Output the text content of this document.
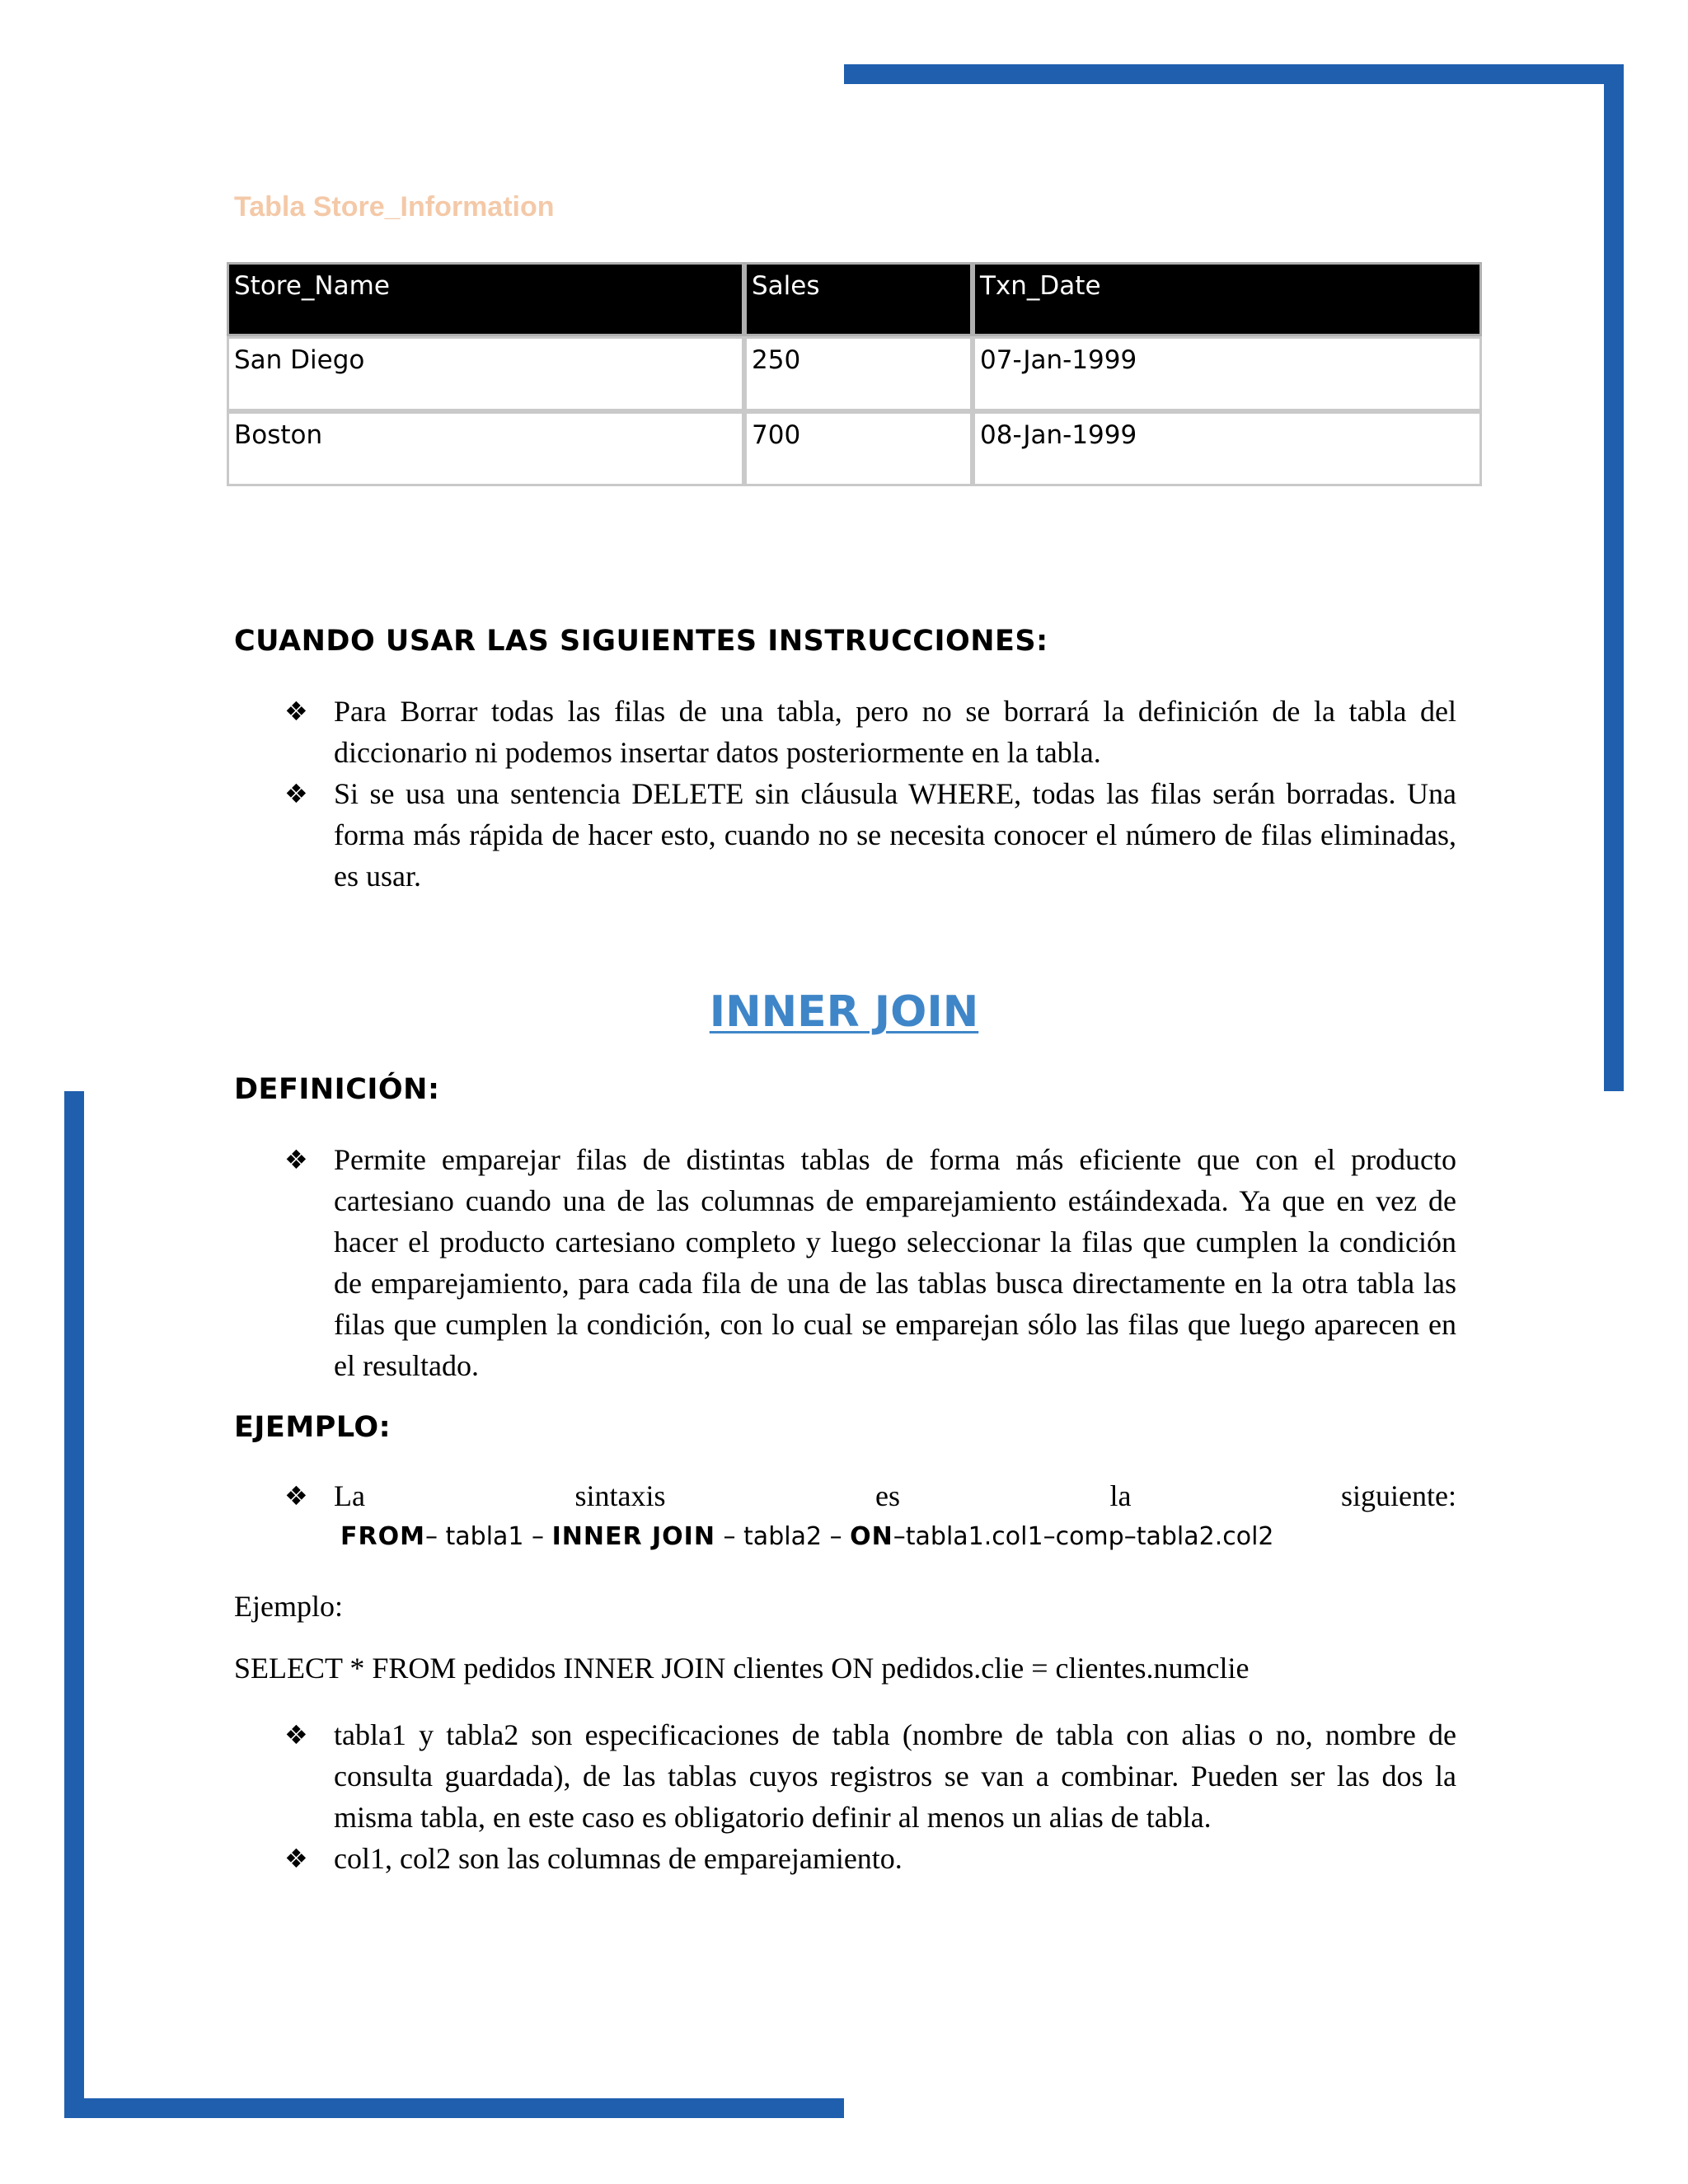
Tabla Store_Information
Store_Name	Sales	Txn_Date
San Diego	250	07-Jan-1999
Boston	700	08-Jan-1999
CUANDO USAR LAS SIGUIENTES INSTRUCCIONES:
❖ Para Borrar todas las filas de una tabla, pero no se borrará la definición de la tabla del diccionario ni podemos insertar datos posteriormente en la tabla.
❖ Si se usa una sentencia DELETE sin cláusula WHERE, todas las filas serán borradas. Una forma más rápida de hacer esto, cuando no se necesita conocer el número de filas eliminadas, es usar.
INNER JOIN
DEFINICIÓN:
❖ Permite emparejar filas de distintas tablas de forma más eficiente que con el producto cartesiano cuando una de las columnas de emparejamiento estáindexada. Ya que en vez de hacer el producto cartesiano completo y luego seleccionar la filas que cumplen la condición de emparejamiento, para cada fila de una de las tablas busca directamente en la otra tabla las filas que cumplen la condición, con lo cual se emparejan sólo las filas que luego aparecen en el resultado.
EJEMPLO:
❖ La	sintaxis	es	la	siguiente:
FROM– tabla1 – INNER JOIN – tabla2 – ON–tabla1.col1–comp–tabla2.col2
Ejemplo:
SELECT * FROM pedidos INNER JOIN clientes ON pedidos.clie = clientes.numclie
❖ tabla1 y tabla2 son especificaciones de tabla (nombre de tabla con alias o no, nombre de consulta guardada), de las tablas cuyos registros se van a combinar. Pueden ser las dos la misma tabla, en este caso es obligatorio definir al menos un alias de tabla.
❖ col1, col2 son las columnas de emparejamiento.
